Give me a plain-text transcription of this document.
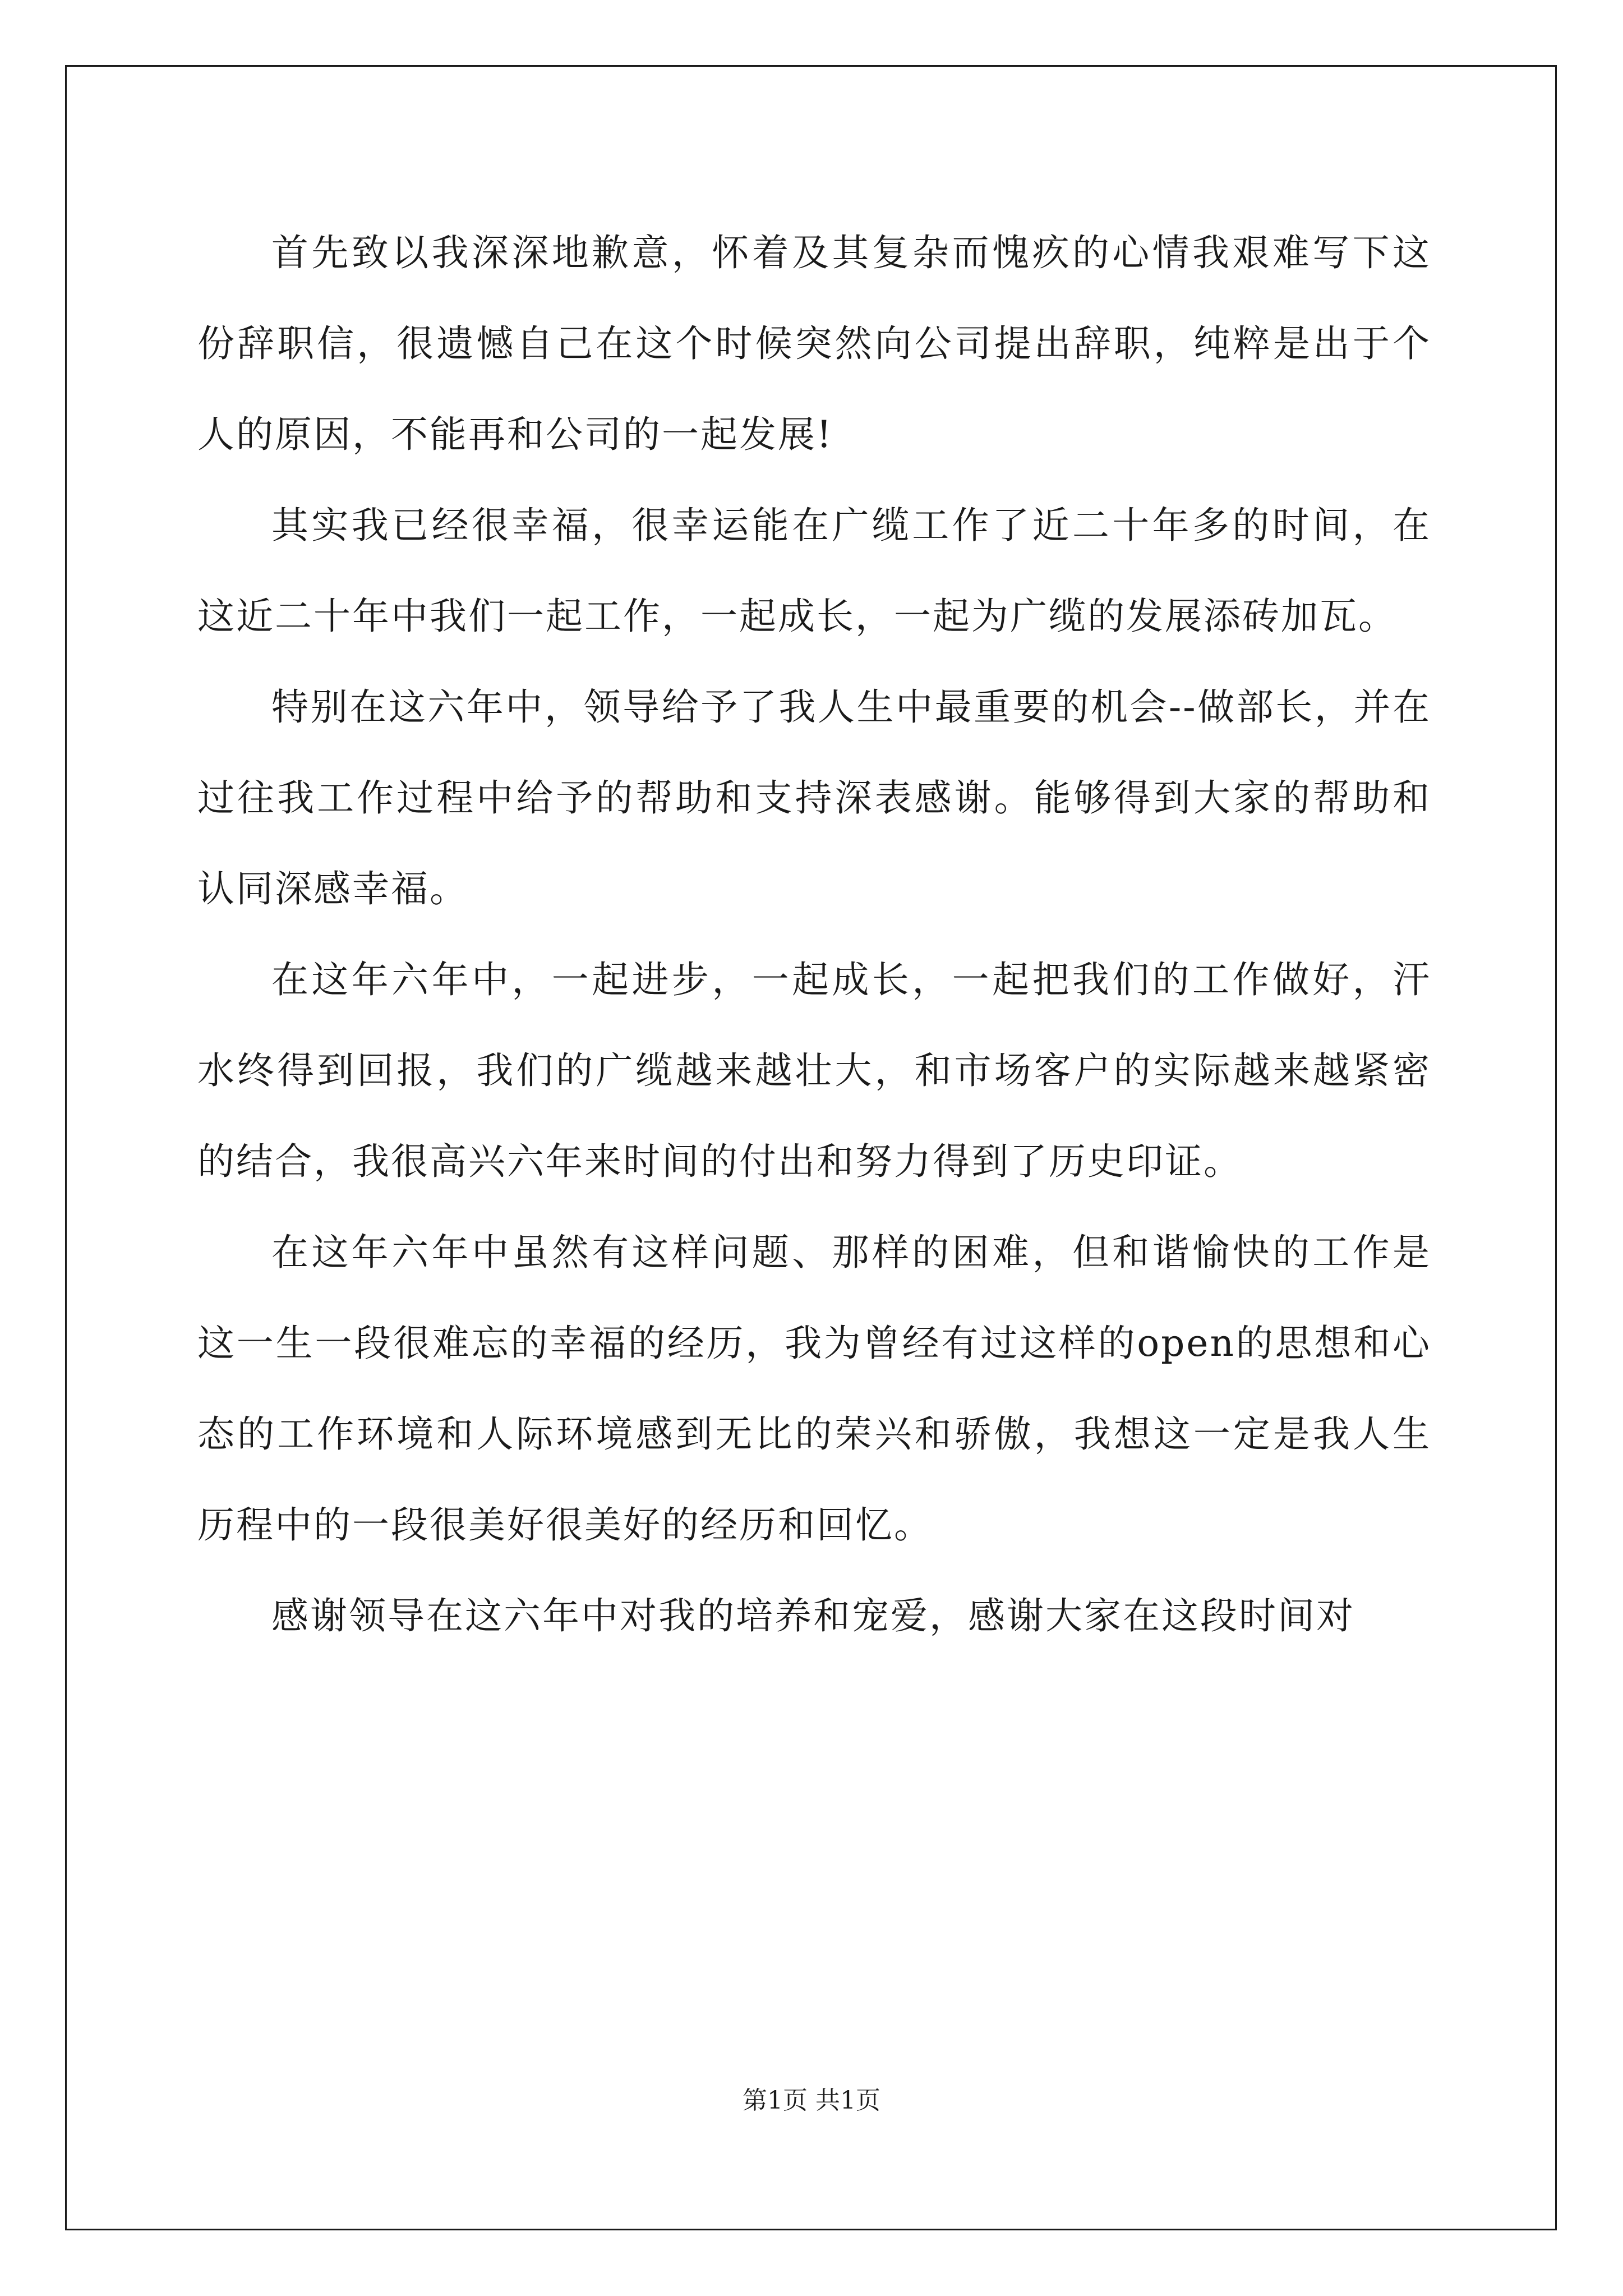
首先致以我深深地歉意，怀着及其复杂而愧疚的心情我艰难写下这份辞职信，很遗憾自己在这个时候突然向公司提出辞职，纯粹是出于个人的原因，不能再和公司的一起发展!

其实我已经很幸福，很幸运能在广缆工作了近二十年多的时间，在这近二十年中我们一起工作，一起成长，一起为广缆的发展添砖加瓦。

特别在这六年中，领导给予了我人生中最重要的机会--做部长，并在过往我工作过程中给予的帮助和支持深表感谢。能够得到大家的帮助和认同深感幸福。

在这年六年中，一起进步，一起成长，一起把我们的工作做好，汗水终得到回报，我们的广缆越来越壮大，和市场客户的实际越来越紧密的结合，我很高兴六年来时间的付出和努力得到了历史印证。

在这年六年中虽然有这样问题、那样的困难，但和谐愉快的工作是这一生一段很难忘的幸福的经历，我为曾经有过这样的open的思想和心态的工作环境和人际环境感到无比的荣兴和骄傲，我想这一定是我人生历程中的一段很美好很美好的经历和回忆。

感谢领导在这六年中对我的培养和宠爱，感谢大家在这段时间对

第1页 共1页
